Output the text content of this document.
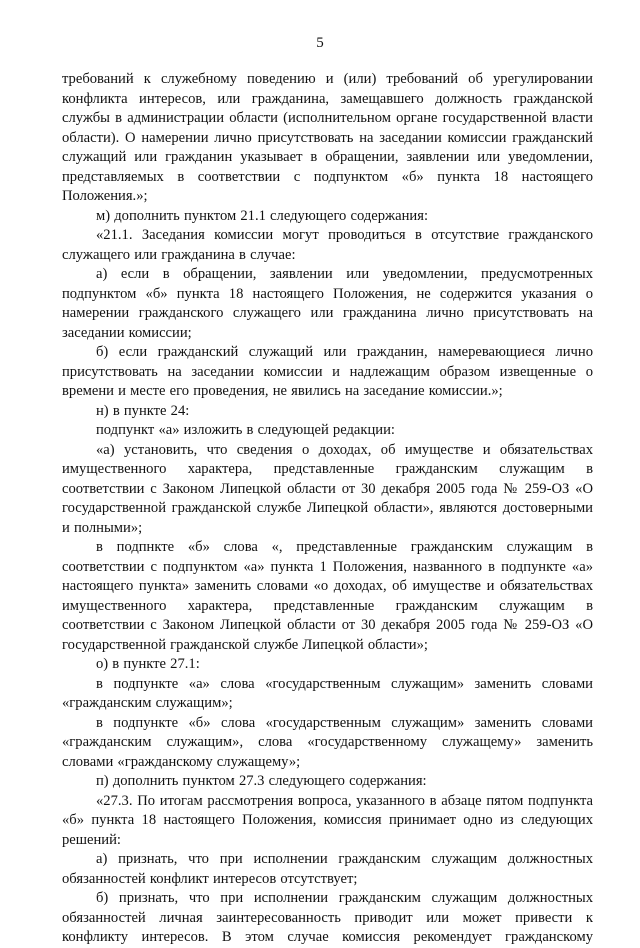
5

требований к служебному поведению и (или) требований об урегулировании конфликта интересов, или гражданина, замещавшего должность гражданской службы в администрации области (исполнительном органе государственной власти области). О намерении лично присутствовать на заседании комиссии гражданский служащий или гражданин указывает в обращении, заявлении или уведомлении, представляемых в соответствии с подпунктом «б» пункта 18 настоящего Положения.»;

м) дополнить пунктом 21.1 следующего содержания:

«21.1. Заседания комиссии могут проводиться в отсутствие гражданского служащего или гражданина в случае:

а) если в обращении, заявлении или уведомлении, предусмотренных подпунктом «б» пункта 18 настоящего Положения, не содержится указания о намерении гражданского служащего или гражданина лично присутствовать на заседании комиссии;

б) если гражданский служащий или гражданин, намеревающиеся лично присутствовать на заседании комиссии и надлежащим образом извещенные о времени и месте его проведения, не явились на заседание комиссии.»;

н) в пункте 24:

подпункт «а» изложить в следующей редакции:

«а) установить, что сведения о доходах, об имуществе и обязательствах имущественного характера, представленные гражданским служащим в соответствии с Законом Липецкой области от 30 декабря 2005 года № 259-ОЗ «О государственной гражданской службе Липецкой области», являются достоверными и полными»;

в подпнкте «б» слова «, представленные гражданским служащим в соответствии с подпунктом «а» пункта 1 Положения, названного в подпункте «а» настоящего пункта» заменить словами «о доходах, об имуществе и обязательствах имущественного характера, представленные гражданским служащим в соответствии с Законом Липецкой области от 30 декабря 2005 года № 259-ОЗ «О государственной гражданской службе Липецкой области»;

о) в пункте 27.1:

в подпункте «а» слова «государственным служащим» заменить словами «гражданским служащим»;

в подпункте «б» слова «государственным служащим» заменить словами «гражданским служащим», слова «государственному служащему» заменить словами «гражданскому служащему»;

п) дополнить пунктом 27.3 следующего содержания:

«27.3. По итогам рассмотрения вопроса, указанного в абзаце пятом подпункта «б» пункта 18 настоящего Положения, комиссия принимает одно из следующих решений:

а) признать, что при исполнении гражданским служащим должностных обязанностей конфликт интересов отсутствует;

б) признать, что при исполнении гражданским служащим должностных обязанностей личная заинтересованность приводит или может привести к конфликту интересов. В этом случае комиссия рекомендует гражданскому
